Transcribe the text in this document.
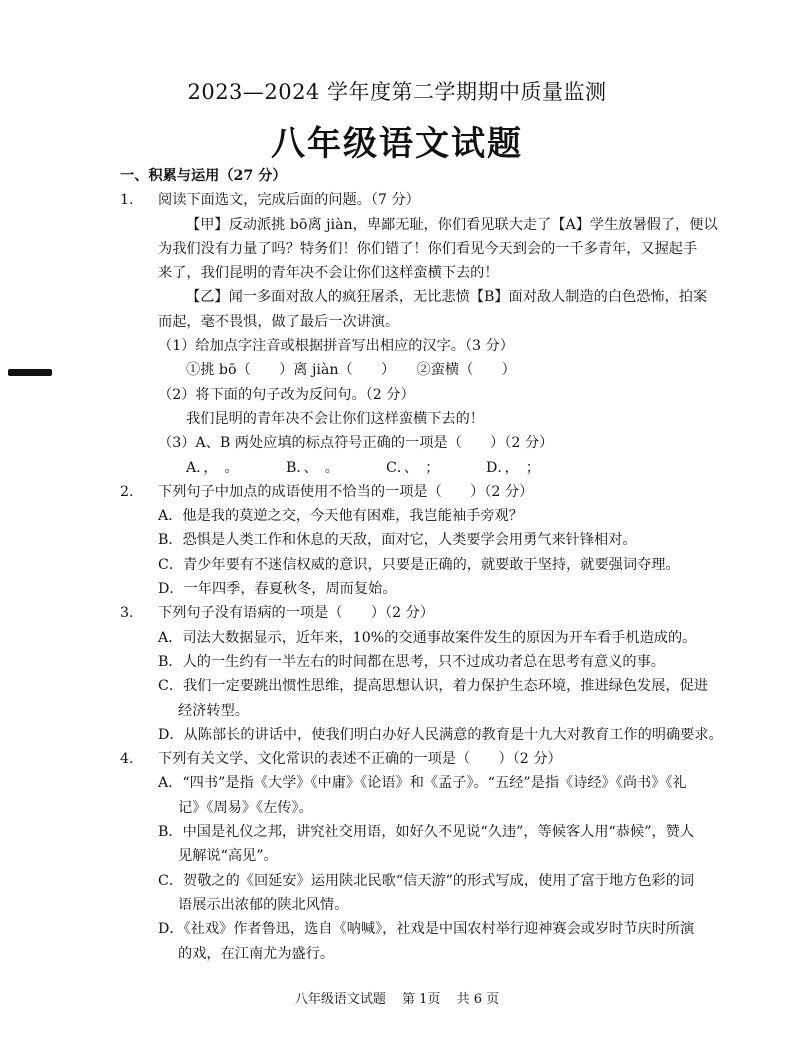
2023—2024 学年度第二学期期中质量监测
八年级语文试题
一、积累与运用（27 分）
1. 阅读下面选文，完成后面的问题。（7 分）
【甲】反动派挑 bō离 jiàn，卑鄙无耻，你们看见联大走了【A】学生放暑假了，便以
为我们没有力量了吗？特务们！你们错了！你们看见今天到会的一千多青年，又握起手
来了，我们昆明的青年决不会让你们这样蛮横下去的！
【乙】闻一多面对敌人的疯狂屠杀，无比悲愤【B】面对敌人制造的白色恐怖，拍案
而起，毫不畏惧，做了最后一次讲演。
（1）给加点字注音或根据拼音写出相应的汉字。（3 分）
①挑 bō（　　）离 jiàn（　　）　　②蛮横（　　）
（2）将下面的句子改为反问句。（2 分）
我们昆明的青年决不会让你们这样蛮横下去的！
（3）A、B 两处应填的标点符号正确的一项是（　　）（2 分）
A．，　。	B．、　。	C．、　；	D．，　；
2. 下列句子中加点的成语使用不恰当的一项是（　　）（2 分）
A．他是我的莫逆之交，今天他有困难，我岂能袖手旁观？
B．恐惧是人类工作和休息的天敌，面对它，人类要学会用勇气来针锋相对。
C．青少年要有不迷信权威的意识，只要是正确的，就要敢于坚持，就要强词夺理。
D．一年四季，春夏秋冬，周而复始。
3. 下列句子没有语病的一项是（　　）（2 分）
A．司法大数据显示，近年来，10%的交通事故案件发生的原因为开车看手机造成的。
B．人的一生约有一半左右的时间都在思考，只不过成功者总在思考有意义的事。
C．我们一定要跳出惯性思维，提高思想认识，着力保护生态环境，推进绿色发展，促进
经济转型。
D．从陈部长的讲话中，使我们明白办好人民满意的教育是十九大对教育工作的明确要求。
4. 下列有关文学、文化常识的表述不正确的一项是（　　）（2 分）
A．“四书”是指《大学》《中庸》《论语》和《孟子》。“五经”是指《诗经》《尚书》《礼
记》《周易》《左传》。
B．中国是礼仪之邦，讲究社交用语，如好久不见说“久违”，等候客人用“恭候”，赞人
见解说“高见”。
C．贺敬之的《回延安》运用陕北民歌“信天游”的形式写成，使用了富于地方色彩的词
语展示出浓郁的陕北风情。
D．《社戏》作者鲁迅，选自《呐喊》，社戏是中国农村举行迎神赛会或岁时节庆时所演
的戏，在江南尤为盛行。
八年级语文试题 第 1页 共 6 页
